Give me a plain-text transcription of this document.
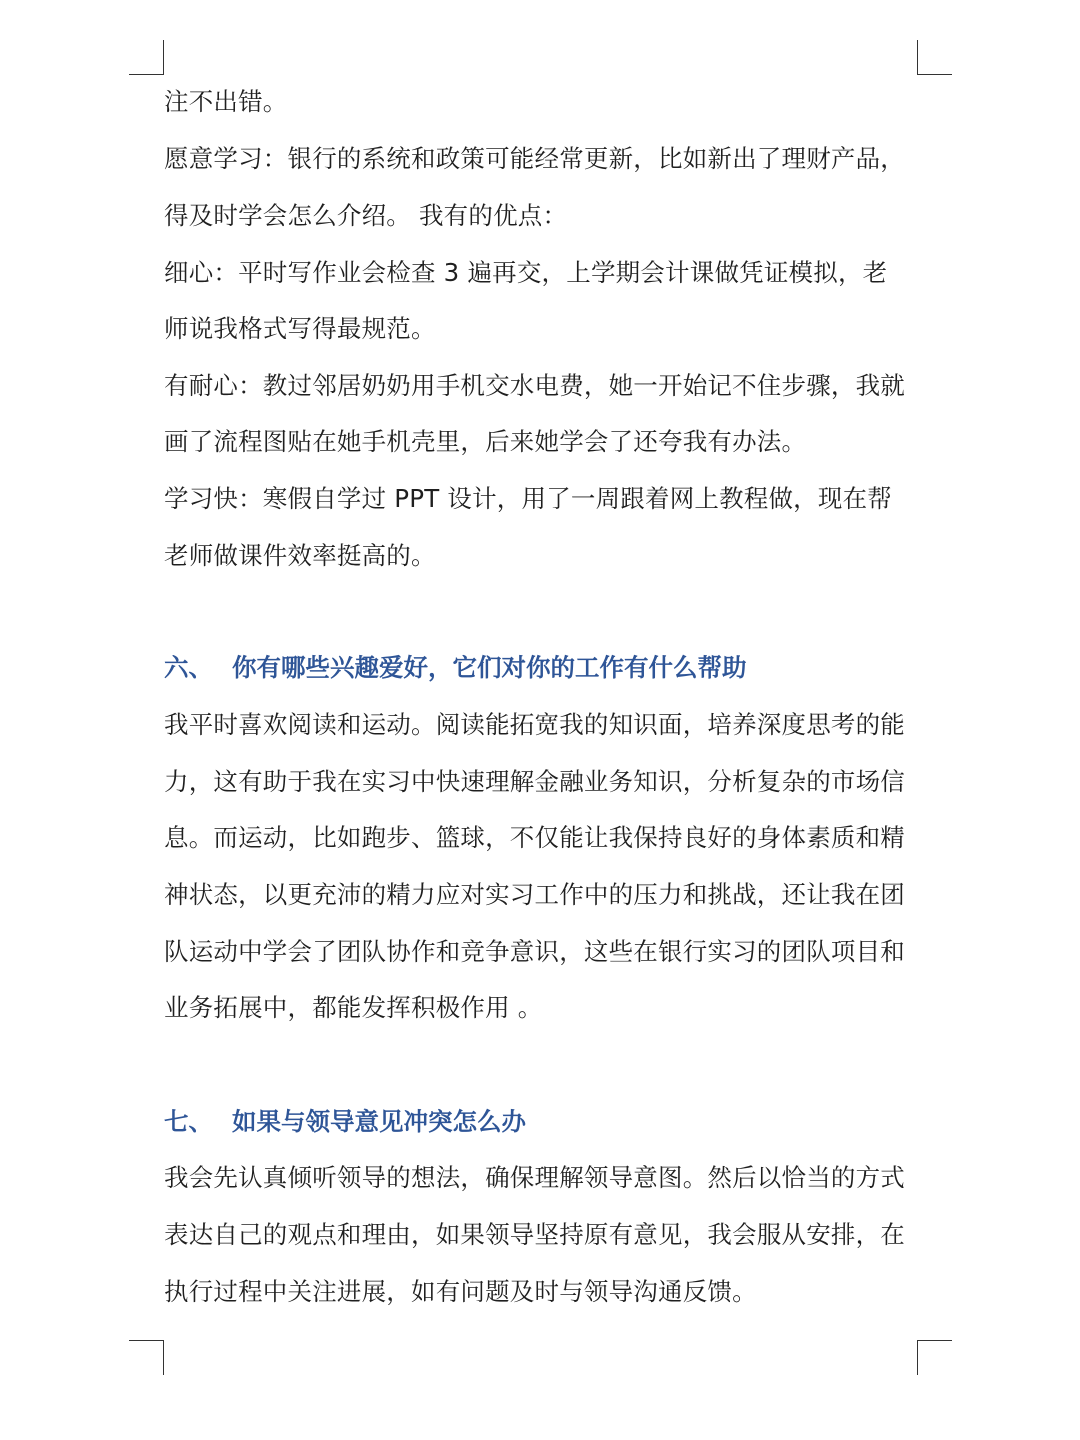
注不出错。
愿意学习：银行的系统和政策可能经常更新，比如新出了理财产品，
得及时学会怎么介绍。 我有的优点：
细心：平时写作业会检查 3 遍再交，上学期会计课做凭证模拟，老
师说我格式写得最规范。
有耐心：教过邻居奶奶用手机交水电费，她一开始记不住步骤，我就
画了流程图贴在她手机壳里，后来她学会了还夸我有办法。
学习快：寒假自学过 PPT 设计，用了一周跟着网上教程做，现在帮
老师做课件效率挺高的。
六、 你有哪些兴趣爱好，它们对你的工作有什么帮助
我平时喜欢阅读和运动。阅读能拓宽我的知识面，培养深度思考的能
力，这有助于我在实习中快速理解金融业务知识，分析复杂的市场信
息。而运动，比如跑步、篮球，不仅能让我保持良好的身体素质和精
神状态，以更充沛的精力应对实习工作中的压力和挑战，还让我在团
队运动中学会了团队协作和竞争意识，这些在银行实习的团队项目和
业务拓展中，都能发挥积极作用 。
七、 如果与领导意见冲突怎么办
我会先认真倾听领导的想法，确保理解领导意图。然后以恰当的方式
表达自己的观点和理由，如果领导坚持原有意见，我会服从安排，在
执行过程中关注进展，如有问题及时与领导沟通反馈。
